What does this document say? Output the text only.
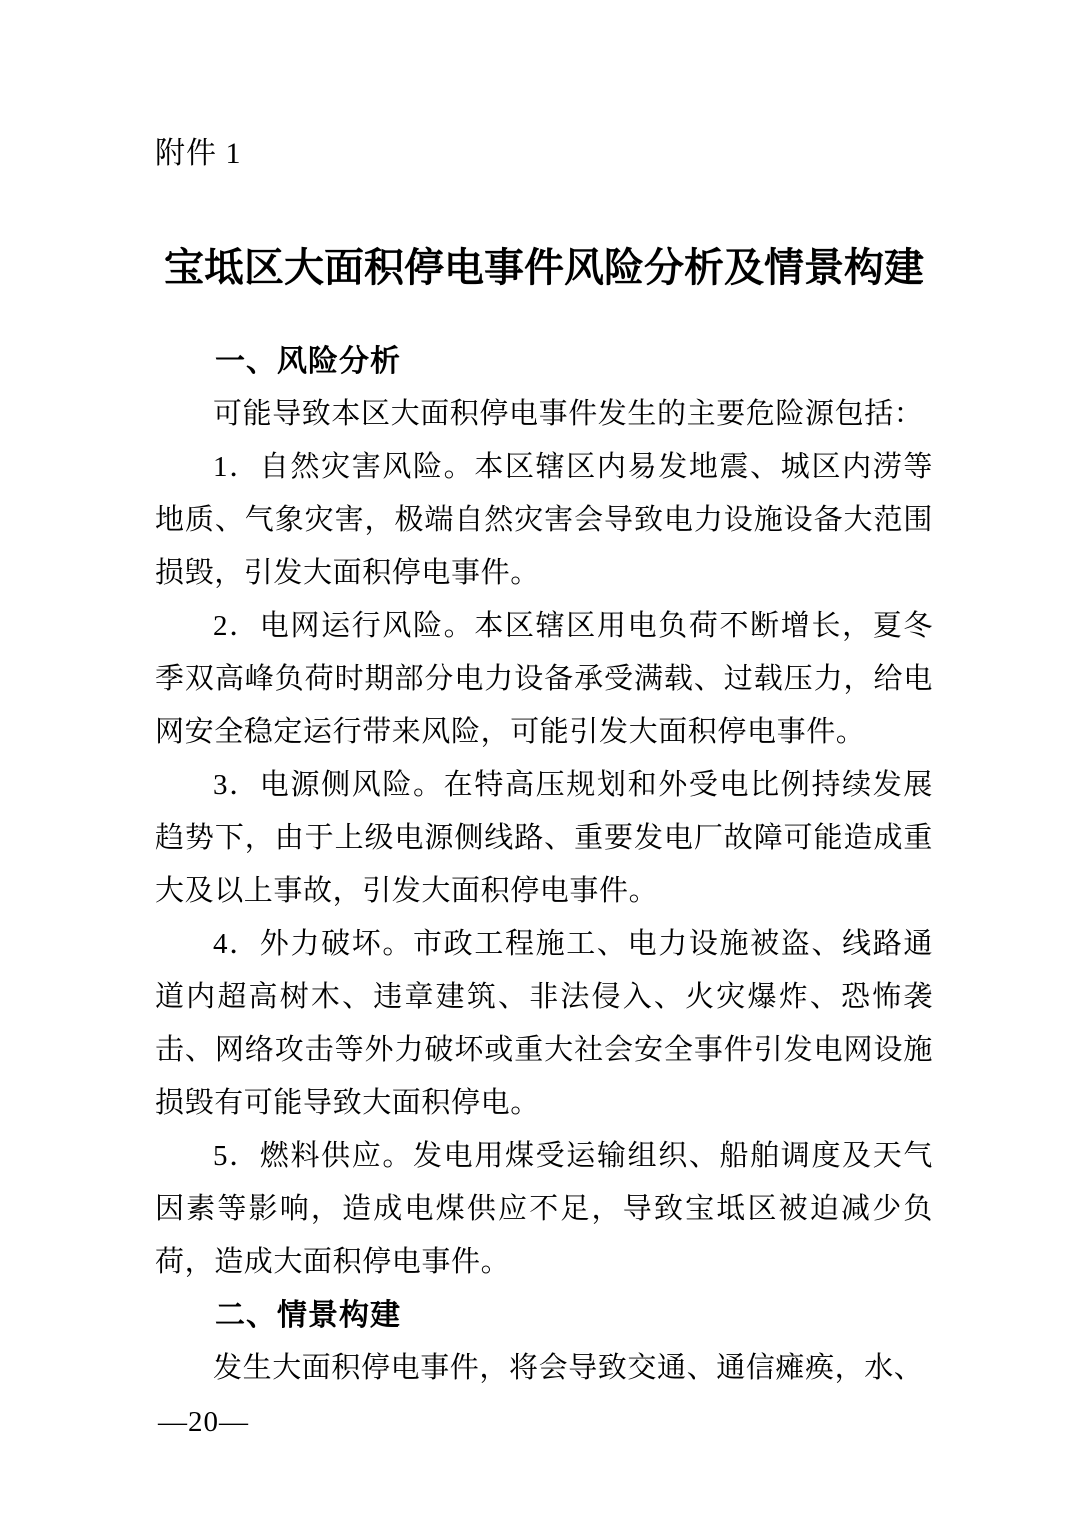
附件 1
宝坻区大面积停电事件风险分析及情景构建
一、风险分析

可能导致本区大面积停电事件发生的主要危险源包括：

1．自然灾害风险。本区辖区内易发地震、城区内涝等地质、气象灾害，极端自然灾害会导致电力设施设备大范围损毁，引发大面积停电事件。

2．电网运行风险。本区辖区用电负荷不断增长，夏冬季双高峰负荷时期部分电力设备承受满载、过载压力，给电网安全稳定运行带来风险，可能引发大面积停电事件。

3．电源侧风险。在特高压规划和外受电比例持续发展趋势下，由于上级电源侧线路、重要发电厂故障可能造成重大及以上事故，引发大面积停电事件。

4．外力破坏。市政工程施工、电力设施被盗、线路通道内超高树木、违章建筑、非法侵入、火灾爆炸、恐怖袭击、网络攻击等外力破坏或重大社会安全事件引发电网设施损毁有可能导致大面积停电。

5．燃料供应。发电用煤受运输组织、船舶调度及天气因素等影响，造成电煤供应不足，导致宝坻区被迫减少负荷，造成大面积停电事件。

二、情景构建

发生大面积停电事件，将会导致交通、通信瘫痪，水、

—20—
